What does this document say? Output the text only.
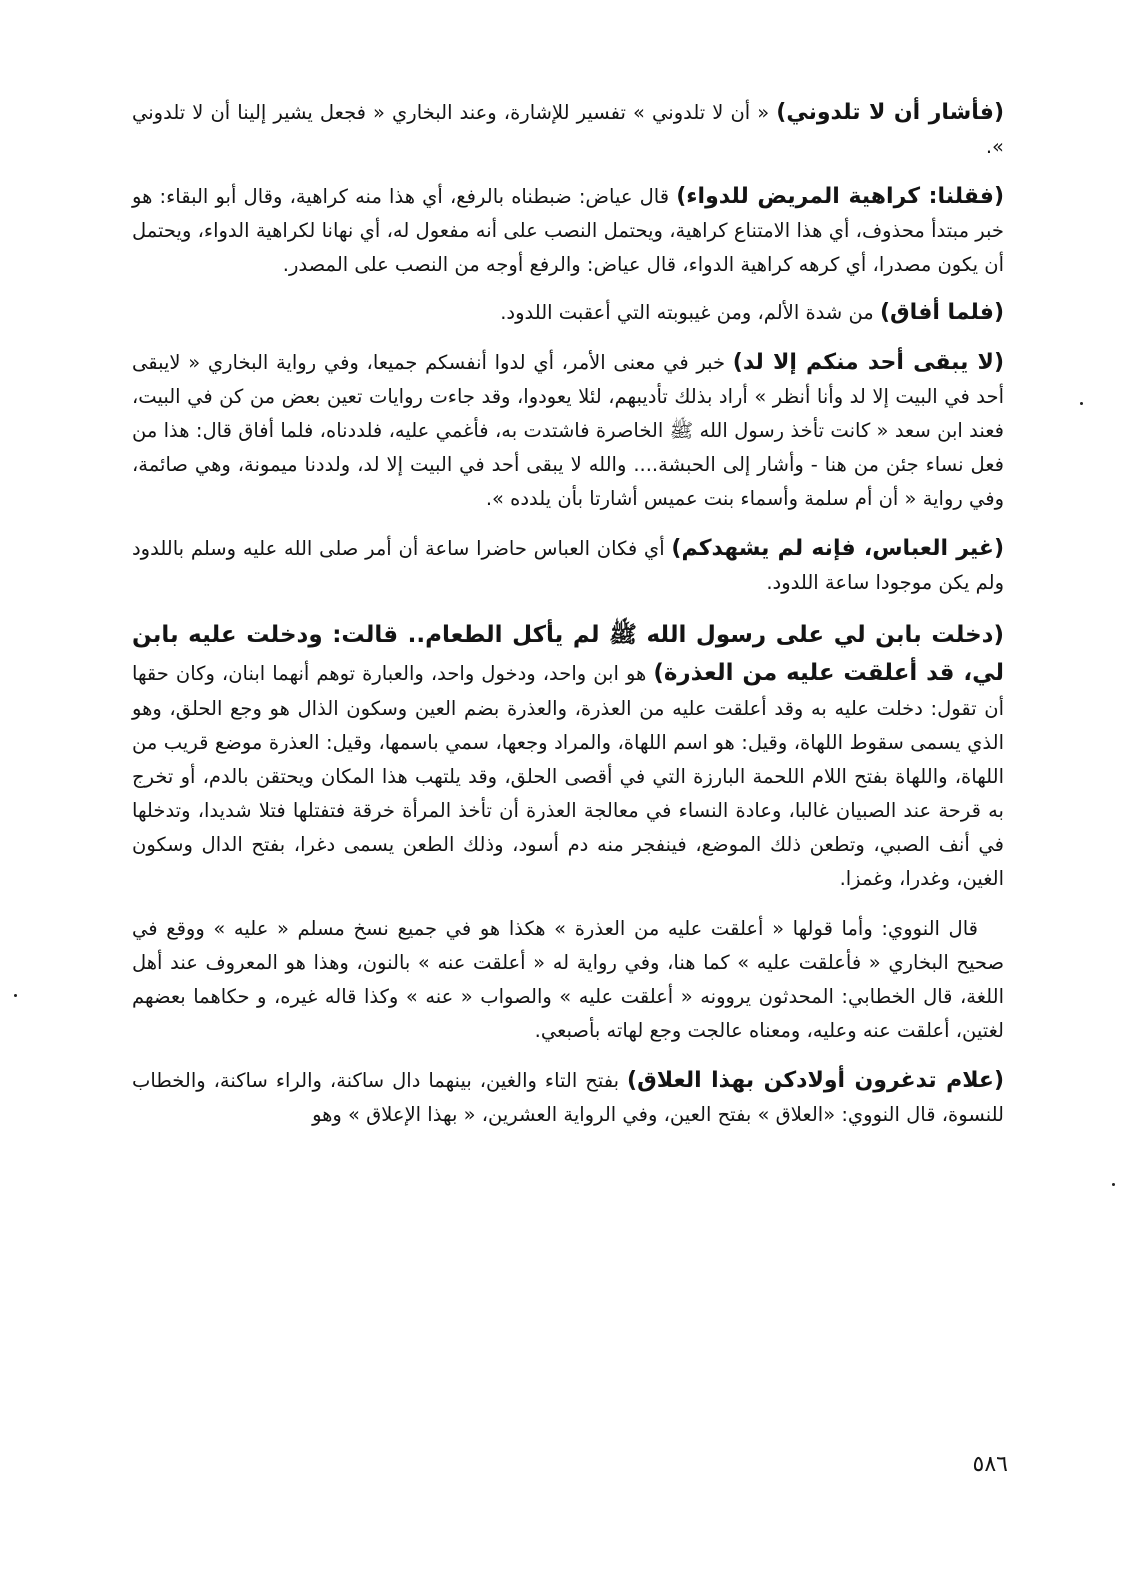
(فأشار أن لا تلدوني) « أن لا تلدوني » تفسير للإشارة، وعند البخاري « فجعل يشير إلينا أن لا تلدوني ».

(فقلنا: كراهية المريض للدواء) قال عياض: ضبطناه بالرفع، أي هذا منه كراهية، وقال أبو البقاء: هو خبر مبتدأ محذوف، أي هذا الامتناع كراهية، ويحتمل النصب على أنه مفعول له، أي نهانا لكراهية الدواء، ويحتمل أن يكون مصدرا، أي كرهه كراهية الدواء، قال عياض: والرفع أوجه من النصب على المصدر.

(فلما أفاق) من شدة الألم، ومن غيبوبته التي أعقبت اللدود.

(لا يبقى أحد منكم إلا لد) خبر في معنى الأمر، أي لدوا أنفسكم جميعا، وفي رواية البخاري « لايبقى أحد في البيت إلا لد وأنا أنظر » أراد بذلك تأديبهم، لئلا يعودوا، وقد جاءت روايات تعين بعض من كن في البيت، فعند ابن سعد « كانت تأخذ رسول الله ﷺ الخاصرة فاشتدت به، فأغمي عليه، فلددناه، فلما أفاق قال: هذا من فعل نساء جئن من هنا - وأشار إلى الحبشة.... والله لا يبقى أحد في البيت إلا لد، ولددنا ميمونة، وهي صائمة، وفي رواية « أن أم سلمة وأسماء بنت عميس أشارتا بأن يلدده ».

(غير العباس، فإنه لم يشهدكم) أي فكان العباس حاضرا ساعة أن أمر صلى الله عليه وسلم باللدود ولم يكن موجودا ساعة اللدود.

(دخلت بابن لي على رسول الله ﷺ لم يأكل الطعام.. قالت: ودخلت عليه بابن لي، قد أعلقت عليه من العذرة) هو ابن واحد، ودخول واحد، والعبارة توهم أنهما ابنان، وكان حقها أن تقول: دخلت عليه به وقد أعلقت عليه من العذرة، والعذرة بضم العين وسكون الذال هو وجع الحلق، وهو الذي يسمى سقوط اللهاة، وقيل: هو اسم اللهاة، والمراد وجعها، سمي باسمها، وقيل: العذرة موضع قريب من اللهاة، واللهاة بفتح اللام اللحمة البارزة التي في أقصى الحلق، وقد يلتهب هذا المكان ويحتقن بالدم، أو تخرج به قرحة عند الصبيان غالبا، وعادة النساء في معالجة العذرة أن تأخذ المرأة خرقة فتفتلها فتلا شديدا، وتدخلها في أنف الصبي، وتطعن ذلك الموضع، فينفجر منه دم أسود، وذلك الطعن يسمى دغرا، بفتح الدال وسكون الغين، وغدرا، وغمزا.

قال النووي: وأما قولها « أعلقت عليه من العذرة » هكذا هو في جميع نسخ مسلم « عليه » ووقع في صحيح البخاري « فأعلقت عليه » كما هنا، وفي رواية له « أعلقت عنه » بالنون، وهذا هو المعروف عند أهل اللغة، قال الخطابي: المحدثون يروونه « أعلقت عليه » والصواب « عنه » وكذا قاله غيره، و حكاهما بعضهم لغتين، أعلقت عنه وعليه، ومعناه عالجت وجع لهاته بأصبعي.

(علام تدغرون أولادكن بهذا العلاق) بفتح التاء والغين، بينهما دال ساكنة، والراء ساكنة، والخطاب للنسوة، قال النووي: «العلاق » بفتح العين، وفي الرواية العشرين، « بهذا الإعلاق » وهو

٥٨٦
